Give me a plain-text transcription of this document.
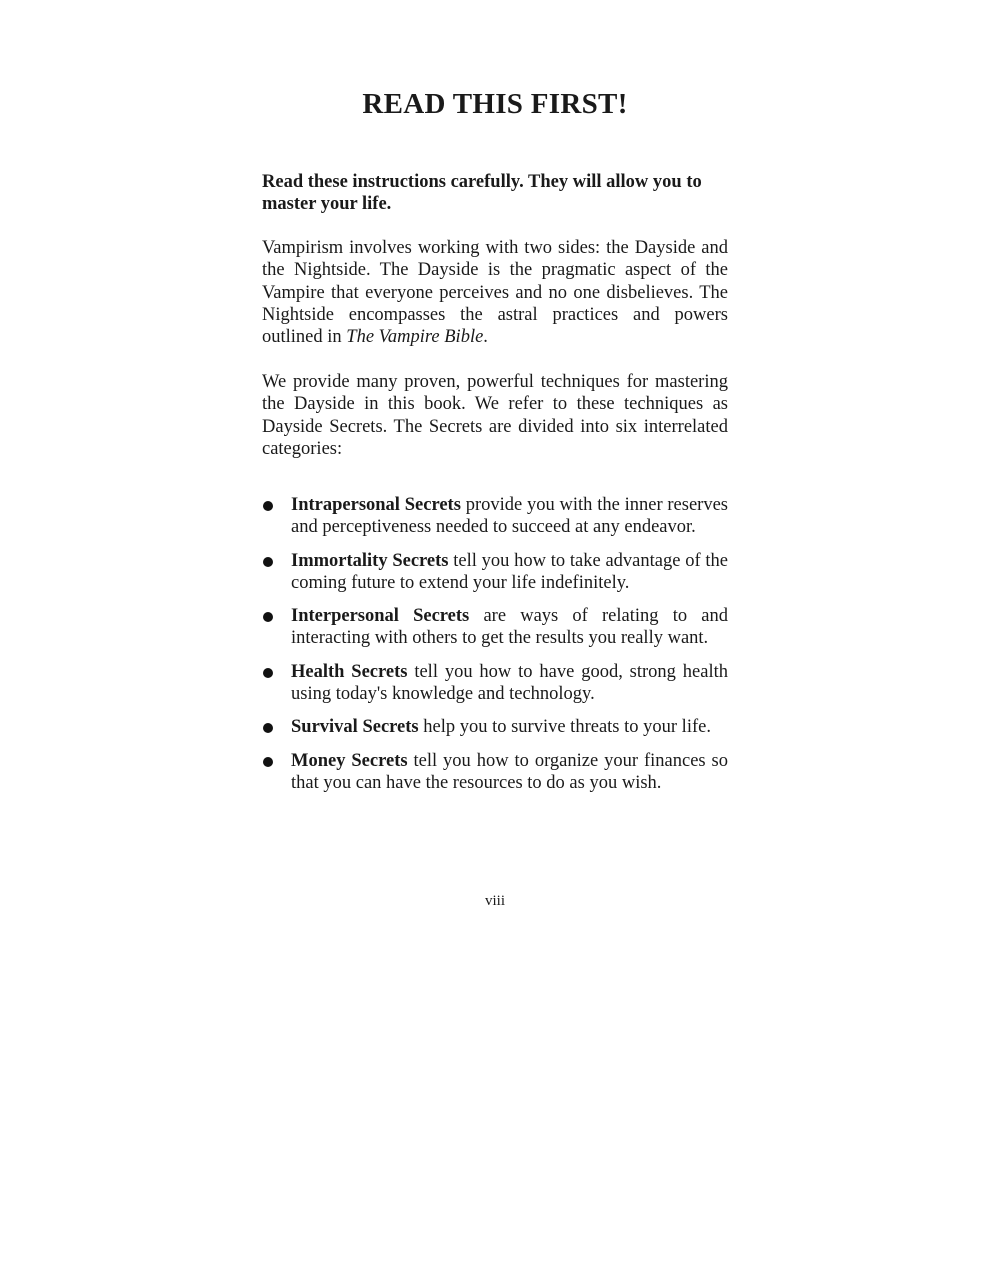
READ THIS FIRST!

Read these instructions carefully. They will allow you to master your life.

Vampirism involves working with two sides: the Dayside and the Nightside. The Dayside is the pragmatic aspect of the Vampire that everyone perceives and no one disbelieves. The Nightside encompasses the astral practices and powers outlined in The Vampire Bible.

We provide many proven, powerful techniques for mastering the Dayside in this book. We refer to these techniques as Dayside Secrets. The Secrets are divided into six interrelated categories:

Intrapersonal Secrets provide you with the inner reserves and perceptiveness needed to succeed at any endeavor.
Immortality Secrets tell you how to take advantage of the coming future to extend your life indefinitely.
Interpersonal Secrets are ways of relating to and interacting with others to get the results you really want.
Health Secrets tell you how to have good, strong health using today's knowledge and technology.
Survival Secrets help you to survive threats to your life.
Money Secrets tell you how to organize your finances so that you can have the resources to do as you wish.

viii
